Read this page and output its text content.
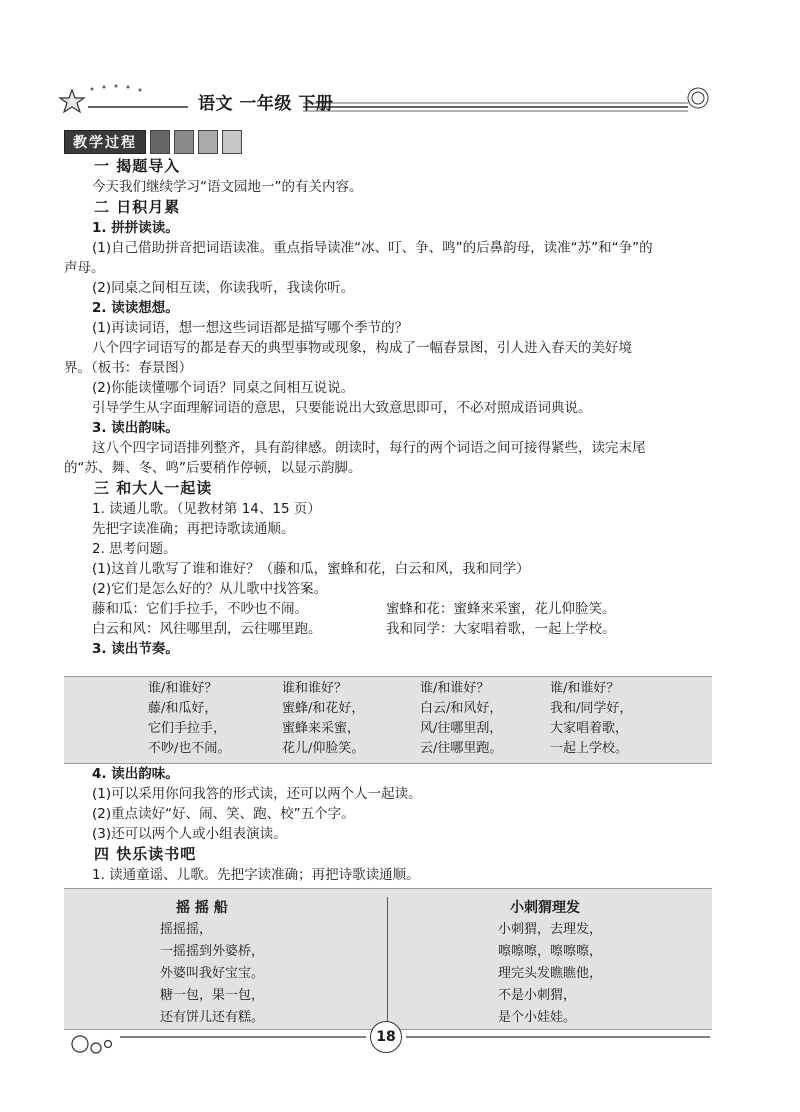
语文 一年级 下册
教学过程
一 揭题导入
今天我们继续学习“语文园地一”的有关内容。
二 日积月累
1. 拼拼读读。
(1)自己借助拼音把词语读准。重点指导读准“冰、叮、争、鸣”的后鼻韵母，读准“苏”和“争”的
声母。
(2)同桌之间相互读，你读我听，我读你听。
2. 读读想想。
(1)再读词语，想一想这些词语都是描写哪个季节的？
八个四字词语写的都是春天的典型事物或现象，构成了一幅春景图，引人进入春天的美好境
界。（板书：春景图）
(2)你能读懂哪个词语？同桌之间相互说说。
引导学生从字面理解词语的意思，只要能说出大致意思即可，不必对照成语词典说。
3. 读出韵味。
这八个四字词语排列整齐，具有韵律感。朗读时，每行的两个词语之间可接得紧些，读完末尾
的“苏、舞、冬、鸣”后要稍作停顿，以显示韵脚。
三 和大人一起读
1. 读通儿歌。（见教材第 14、15 页）
先把字读准确；再把诗歌读通顺。
2. 思考问题。
(1)这首儿歌写了谁和谁好？（藤和瓜，蜜蜂和花，白云和风，我和同学）
(2)它们是怎么好的？从儿歌中找答案。
藤和瓜：它们手拉手，不吵也不闹。	蜜蜂和花：蜜蜂来采蜜，花儿仰脸笑。
白云和风：风往哪里刮，云往哪里跑。	我和同学：大家唱着歌，一起上学校。
3. 读出节奏。
谁/和谁好？
藤/和瓜好，
它们手拉手，
不吵/也不闹。
谁和谁好？
蜜蜂/和花好，
蜜蜂来采蜜，
花儿/仰脸笑。
谁/和谁好？
白云/和风好，
风/往哪里刮，
云/往哪里跑。
谁/和谁好？
我和/同学好，
大家唱着歌，
一起上学校。
4. 读出韵味。
(1)可以采用你问我答的形式读，还可以两个人一起读。
(2)重点读好“好、闹、笑、跑、校”五个字。
(3)还可以两个人或小组表演读。
四 快乐读书吧
1. 读通童谣、儿歌。先把字读准确；再把诗歌读通顺。
摇 摇 船
摇摇摇，
一摇摇到外婆桥，
外婆叫我好宝宝。
糖一包，果一包，
还有饼儿还有糕。
小刺猬理发
小刺猬，去理发，
嚓嚓嚓，嚓嚓嚓，
理完头发瞧瞧他，
不是小刺猬，
是个小娃娃。
18
